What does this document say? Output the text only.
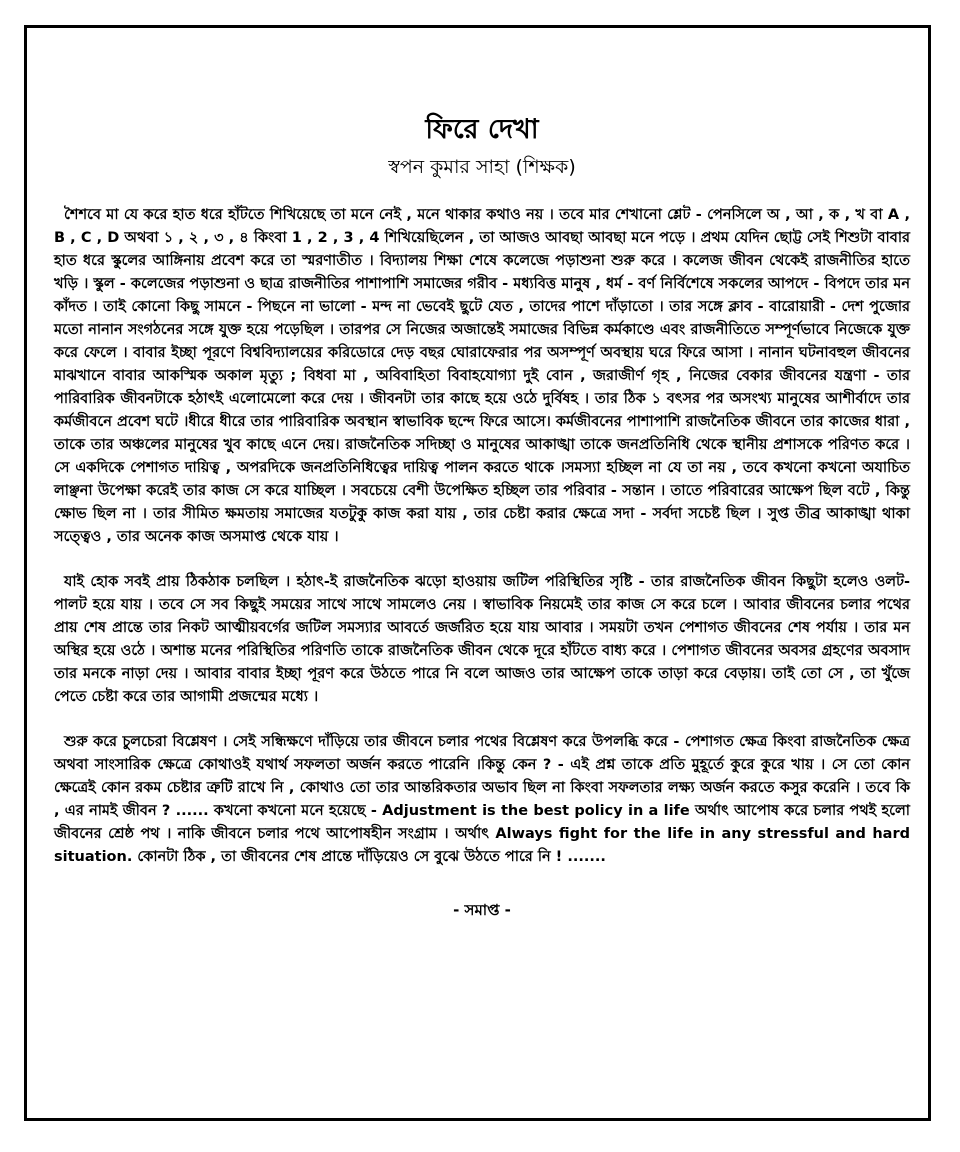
ফিরে দেখা

স্বপন কুমার সাহা (শিক্ষক)

শৈশবে মা যে করে হাত ধরে হাঁটতে শিখিয়েছে তা মনে নেই , মনে থাকার কথাও নয় । তবে মার শেখানো শ্লেট - পেনসিলে অ , আ , ক , খ বা A , B , C , D অথবা ১ , ২ , ৩ , ৪ কিংবা 1 , 2 , 3 , 4 শিখিয়েছিলেন , তা আজও আবছা আবছা মনে পড়ে । প্রথম যেদিন ছোট্ট সেই শিশুটা বাবার হাত ধরে স্কুলের আঙ্গিনায় প্রবেশ করে তা স্মরণাতীত । বিদ্যালয় শিক্ষা শেষে কলেজে পড়াশুনা শুরু করে । কলেজ জীবন থেকেই রাজনীতির হাতে খড়ি । স্কুল - কলেজের পড়াশুনা ও ছাত্র রাজনীতির পাশাপাশি সমাজের গরীব - মধ্যবিত্ত মানুষ , ধর্ম - বর্ণ নির্বিশেষে সকলের আপদে - বিপদে তার মন কাঁদত । তাই কোনো কিছু সামনে - পিছনে না ভালো - মন্দ না ভেবেই ছুটে যেত , তাদের পাশে দাঁড়াতো । তার সঙ্গে ক্লাব - বারোয়ারী - দেশ পুজোর মতো নানান সংগঠনের সঙ্গে যুক্ত হয়ে পড়েছিল । তারপর সে নিজের অজান্তেই সমাজের বিভিন্ন কর্মকাণ্ডে এবং রাজনীতিতে সম্পূর্ণভাবে নিজেকে যুক্ত করে ফেলে । বাবার ইচ্ছা পূরণে বিশ্ববিদ্যালয়ের করিডোরে দেড় বছর ঘোরাফেরার পর অসম্পূর্ণ অবস্থায় ঘরে ফিরে আসা । নানান ঘটনাবহুল জীবনের মাঝখানে বাবার আকস্মিক অকাল মৃত্যু ; বিধবা মা , অবিবাহিতা বিবাহযোগ্যা দুই বোন , জরাজীর্ণ গৃহ , নিজের বেকার জীবনের যন্ত্রণা - তার পারিবারিক জীবনটাকে হঠাৎই এলোমেলো করে দেয় । জীবনটা তার কাছে হয়ে ওঠে দুর্বিষহ । তার ঠিক ১ বৎসর পর অসংখ্য মানুষের আশীর্বাদে তার কর্মজীবনে প্রবেশ ঘটে ।ধীরে ধীরে তার পারিবারিক অবস্থান স্বাভাবিক ছন্দে ফিরে আসে। কর্মজীবনের পাশাপাশি রাজনৈতিক জীবনে তার কাজের ধারা , তাকে তার অঞ্চলের মানুষের খুব কাছে এনে দেয়। রাজনৈতিক সদিচ্ছা ও মানুষের আকাঙ্খা তাকে জনপ্রতিনিধি থেকে স্থানীয় প্রশাসকে পরিণত করে । সে একদিকে পেশাগত দায়িত্ব , অপরদিকে জনপ্রতিনিধিত্বের দায়িত্ব পালন করতে থাকে ।সমস্যা হচ্ছিল না যে তা নয় , তবে কখনো কখনো অযাচিত লাঞ্ছনা উপেক্ষা করেই তার কাজ সে করে যাচ্ছিল । সবচেয়ে বেশী উপেক্ষিত হচ্ছিল তার পরিবার - সন্তান । তাতে পরিবারের আক্ষেপ ছিল বটে , কিন্তু ক্ষোভ ছিল না । তার সীমিত ক্ষমতায় সমাজের যতটুকু কাজ করা যায় , তার চেষ্টা করার ক্ষেত্রে সদা - সর্বদা সচেষ্ট ছিল । সুপ্ত তীব্র আকাঙ্খা থাকা সত্ত্বেও , তার অনেক কাজ অসমাপ্ত থেকে যায় ।

যাই হোক সবই প্রায় ঠিকঠাক চলছিল । হঠাৎ-ই রাজনৈতিক ঝড়ো হাওয়ায় জটিল পরিস্থিতির সৃষ্টি - তার রাজনৈতিক জীবন কিছুটা হলেও ওলট-পালট হয়ে যায় । তবে সে সব কিছুই সময়ের সাথে সাথে সামলেও নেয় । স্বাভাবিক নিয়মেই তার কাজ সে করে চলে । আবার জীবনের চলার পথের প্রায় শেষ প্রান্তে তার নিকট আত্মীয়বর্গের জটিল সমস্যার আবর্তে জর্জরিত হয়ে যায় আবার । সময়টা তখন পেশাগত জীবনের শেষ পর্যায় । তার মন অস্থির হয়ে ওঠে । অশান্ত মনের পরিস্থিতির পরিণতি তাকে রাজনৈতিক জীবন থেকে দূরে হাঁটতে বাধ্য করে । পেশাগত জীবনের অবসর গ্রহণের অবসাদ তার মনকে নাড়া দেয় । আবার বাবার ইচ্ছা পূরণ করে উঠতে পারে নি বলে আজও তার আক্ষেপ তাকে তাড়া করে বেড়ায়। তাই তো সে , তা খুঁজে পেতে চেষ্টা করে তার আগামী প্রজন্মের মধ্যে ।

শুরু করে চুলচেরা বিশ্লেষণ । সেই সন্ধিক্ষণে দাঁড়িয়ে তার জীবনে চলার পথের বিশ্লেষণ করে উপলব্ধি করে - পেশাগত ক্ষেত্র কিংবা রাজনৈতিক ক্ষেত্র অথবা সাংসারিক ক্ষেত্রে কোথাওই যথার্থ সফলতা অর্জন করতে পারেনি ।কিন্তু কেন ? - এই প্রশ্ন তাকে প্রতি মুহূর্তে কুরে কুরে খায় । সে তো কোন ক্ষেত্রেই কোন রকম চেষ্টার ত্রুটি রাখে নি , কোথাও তো তার আন্তরিকতার অভাব ছিল না কিংবা সফলতার লক্ষ্য অর্জন করতে কসুর করেনি । তবে কি , এর নামই জীবন ? ...... কখনো কখনো মনে হয়েছে - Adjustment is the best policy in a life অর্থাৎ আপোষ করে চলার পথই হলো জীবনের শ্রেষ্ঠ পথ । নাকি জীবনে চলার পথে আপোষহীন সংগ্রাম । অর্থাৎ Always fight for the life in any stressful and hard situation. কোনটা ঠিক , তা জীবনের শেষ প্রান্তে দাঁড়িয়েও সে বুঝে উঠতে পারে নি ! .......

- সমাপ্ত -
